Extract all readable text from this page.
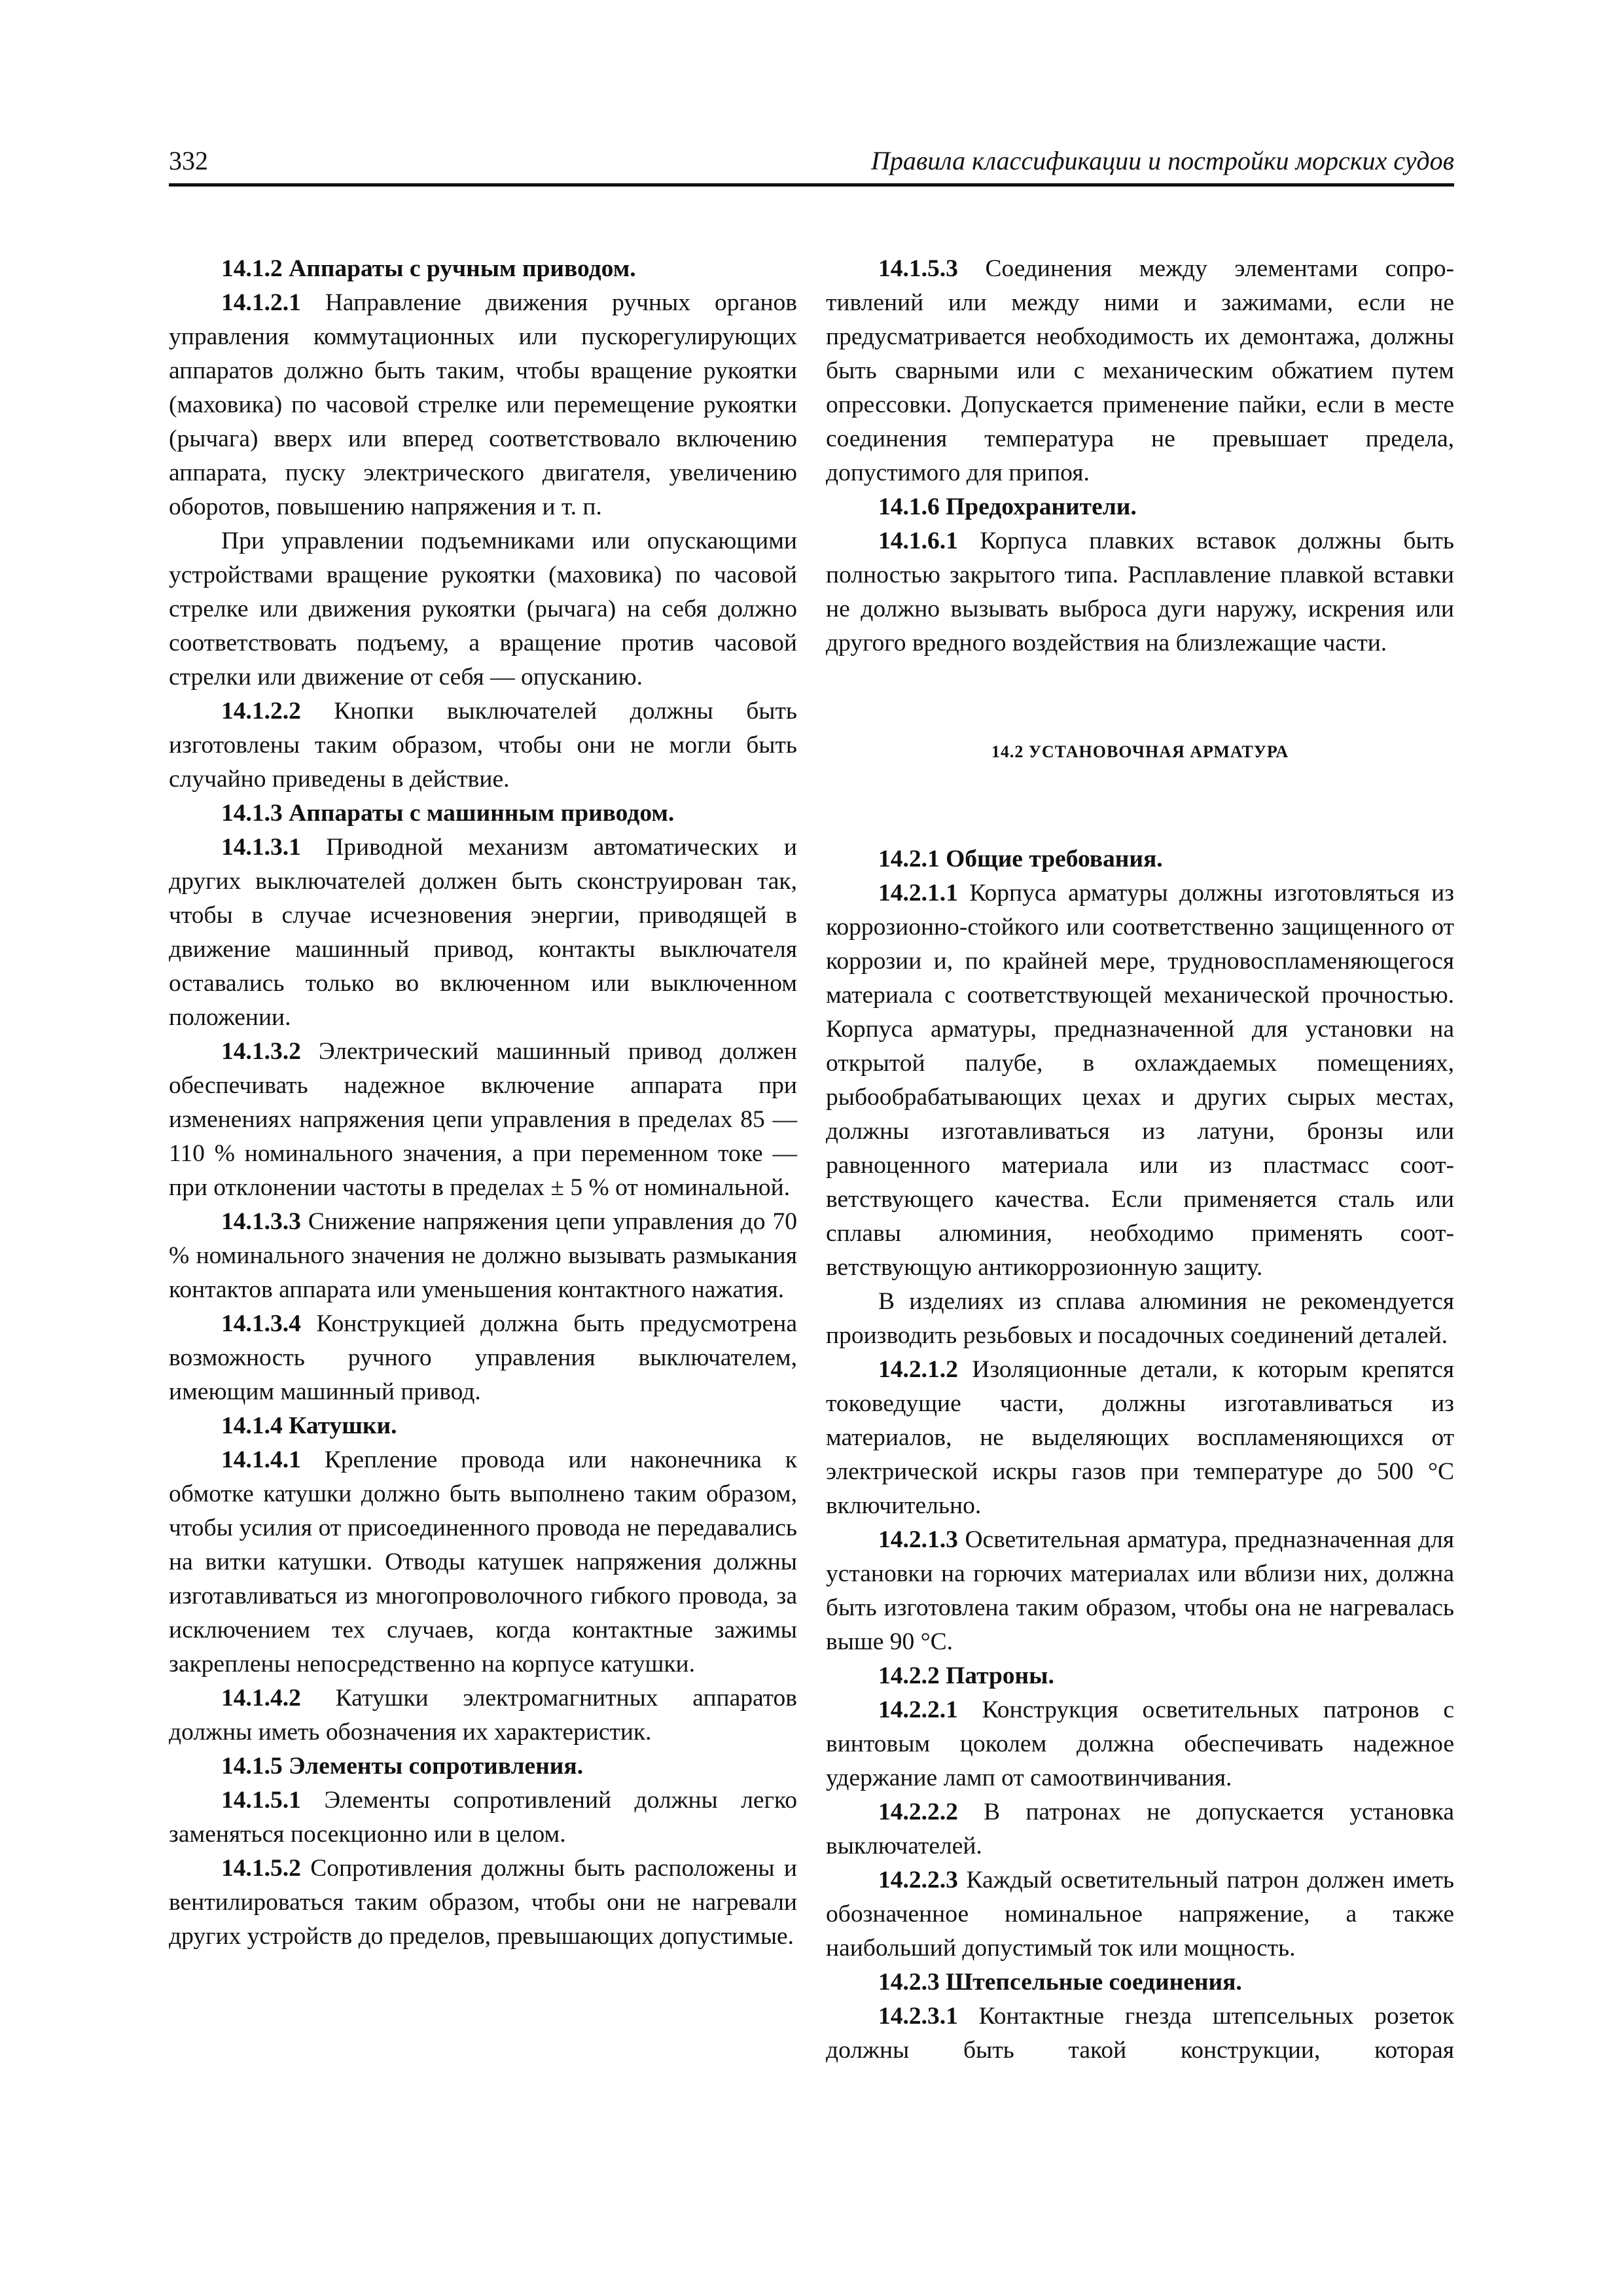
332	Правила классификации и постройки морских судов

14.1.2 Аппараты с ручным приводом.

14.1.2.1 Направление движения ручных органов управления коммутационных или пускорегулирующих аппаратов должно быть таким, чтобы вращение рукоятки (маховика) по часовой стрелке или перемещение рукоятки (рычага) вверх или вперед соответствовало включению аппарата, пуску электрического двигателя, увеличению оборотов, повышению напряжения и т. п.

При управлении подъемниками или опускающими устройствами вращение рукоятки (маховика) по часовой стрелке или движения рукоятки (рычага) на себя должно соответствовать подъему, а вращение против часовой стрелки или движение от себя — опусканию.

14.1.2.2 Кнопки выключателей должны быть изготовлены таким образом, чтобы они не могли быть случайно приведены в действие.

14.1.3 Аппараты с машинным приводом.

14.1.3.1 Приводной механизм автоматических и других выключателей должен быть сконструирован так, чтобы в случае исчезновения энергии, приводящей в движение машинный привод, контакты выключателя оставались только во включенном или выключенном положении.

14.1.3.2 Электрический машинный привод должен обеспечивать надежное включение аппарата при изменениях напряжения цепи управления в пределах 85 — 110 % номинального значения, а при переменном токе — при отклонении частоты в пределах ± 5 % от номинальной.

14.1.3.3 Снижение напряжения цепи управления до 70 % номинального значения не должно вызывать размыкания контактов аппарата или уменьшения контактного нажатия.

14.1.3.4 Конструкцией должна быть предусмотрена возможность ручного управления выключателем, имеющим машинный привод.

14.1.4 Катушки.

14.1.4.1 Крепление провода или наконечника к обмотке катушки должно быть выполнено таким образом, чтобы усилия от присоединенного провода не передавались на витки катушки. Отводы катушек напряжения должны изготавливаться из многопроволочного гибкого провода, за исключением тех случаев, когда контактные зажимы закреплены непосредственно на корпусе катушки.

14.1.4.2 Катушки электромагнитных аппаратов должны иметь обозначения их характеристик.

14.1.5 Элементы сопротивления.

14.1.5.1 Элементы сопротивлений должны легко заменяться посекционно или в целом.

14.1.5.2 Сопротивления должны быть расположены и вентилироваться таким образом, чтобы они не нагревали других устройств до пределов, превышающих допустимые.

14.1.5.3 Соединения между элементами сопротивлений или между ними и зажимами, если не предусматривается необходимость их демонтажа, должны быть сварными или с механическим обжатием путем опрессовки. Допускается применение пайки, если в месте соединения температура не превышает предела, допустимого для припоя.

14.1.6 Предохранители.

14.1.6.1 Корпуса плавких вставок должны быть полностью закрытого типа. Расплавление плавкой вставки не должно вызывать выброса дуги наружу, искрения или другого вредного воздействия на близлежащие части.

14.2 УСТАНОВОЧНАЯ АРМАТУРА

14.2.1 Общие требования.

14.2.1.1 Корпуса арматуры должны изготовляться из коррозионно-стойкого или соответственно защищенного от коррозии и, по крайней мере, трудновоспламеняющегося материала с соответствующей механической прочностью. Корпуса арматуры, предназначенной для установки на открытой палубе, в охлаждаемых помещениях, рыбообрабатывающих цехах и других сырых местах, должны изготавливаться из латуни, бронзы или равноценного материала или из пластмасс соответствующего качества. Если применяется сталь или сплавы алюминия, необходимо применять соответствующую антикоррозионную защиту.

В изделиях из сплава алюминия не рекомендуется производить резьбовых и посадочных соединений деталей.

14.2.1.2 Изоляционные детали, к которым крепятся токоведущие части, должны изготавливаться из материалов, не выделяющих воспламеняющихся от электрической искры газов при температуре до 500 °С включительно.

14.2.1.3 Осветительная арматура, предназначенная для установки на горючих материалах или вблизи них, должна быть изготовлена таким образом, чтобы она не нагревалась выше 90 °С.

14.2.2 Патроны.

14.2.2.1 Конструкция осветительных патронов с винтовым цоколем должна обеспечивать надежное удержание ламп от самоотвинчивания.

14.2.2.2 В патронах не допускается установка выключателей.

14.2.2.3 Каждый осветительный патрон должен иметь обозначенное номинальное напряжение, а также наибольший допустимый ток или мощность.

14.2.3 Штепсельные соединения.

14.2.3.1 Контактные гнезда штепсельных розеток должны быть такой конструкции, которая
